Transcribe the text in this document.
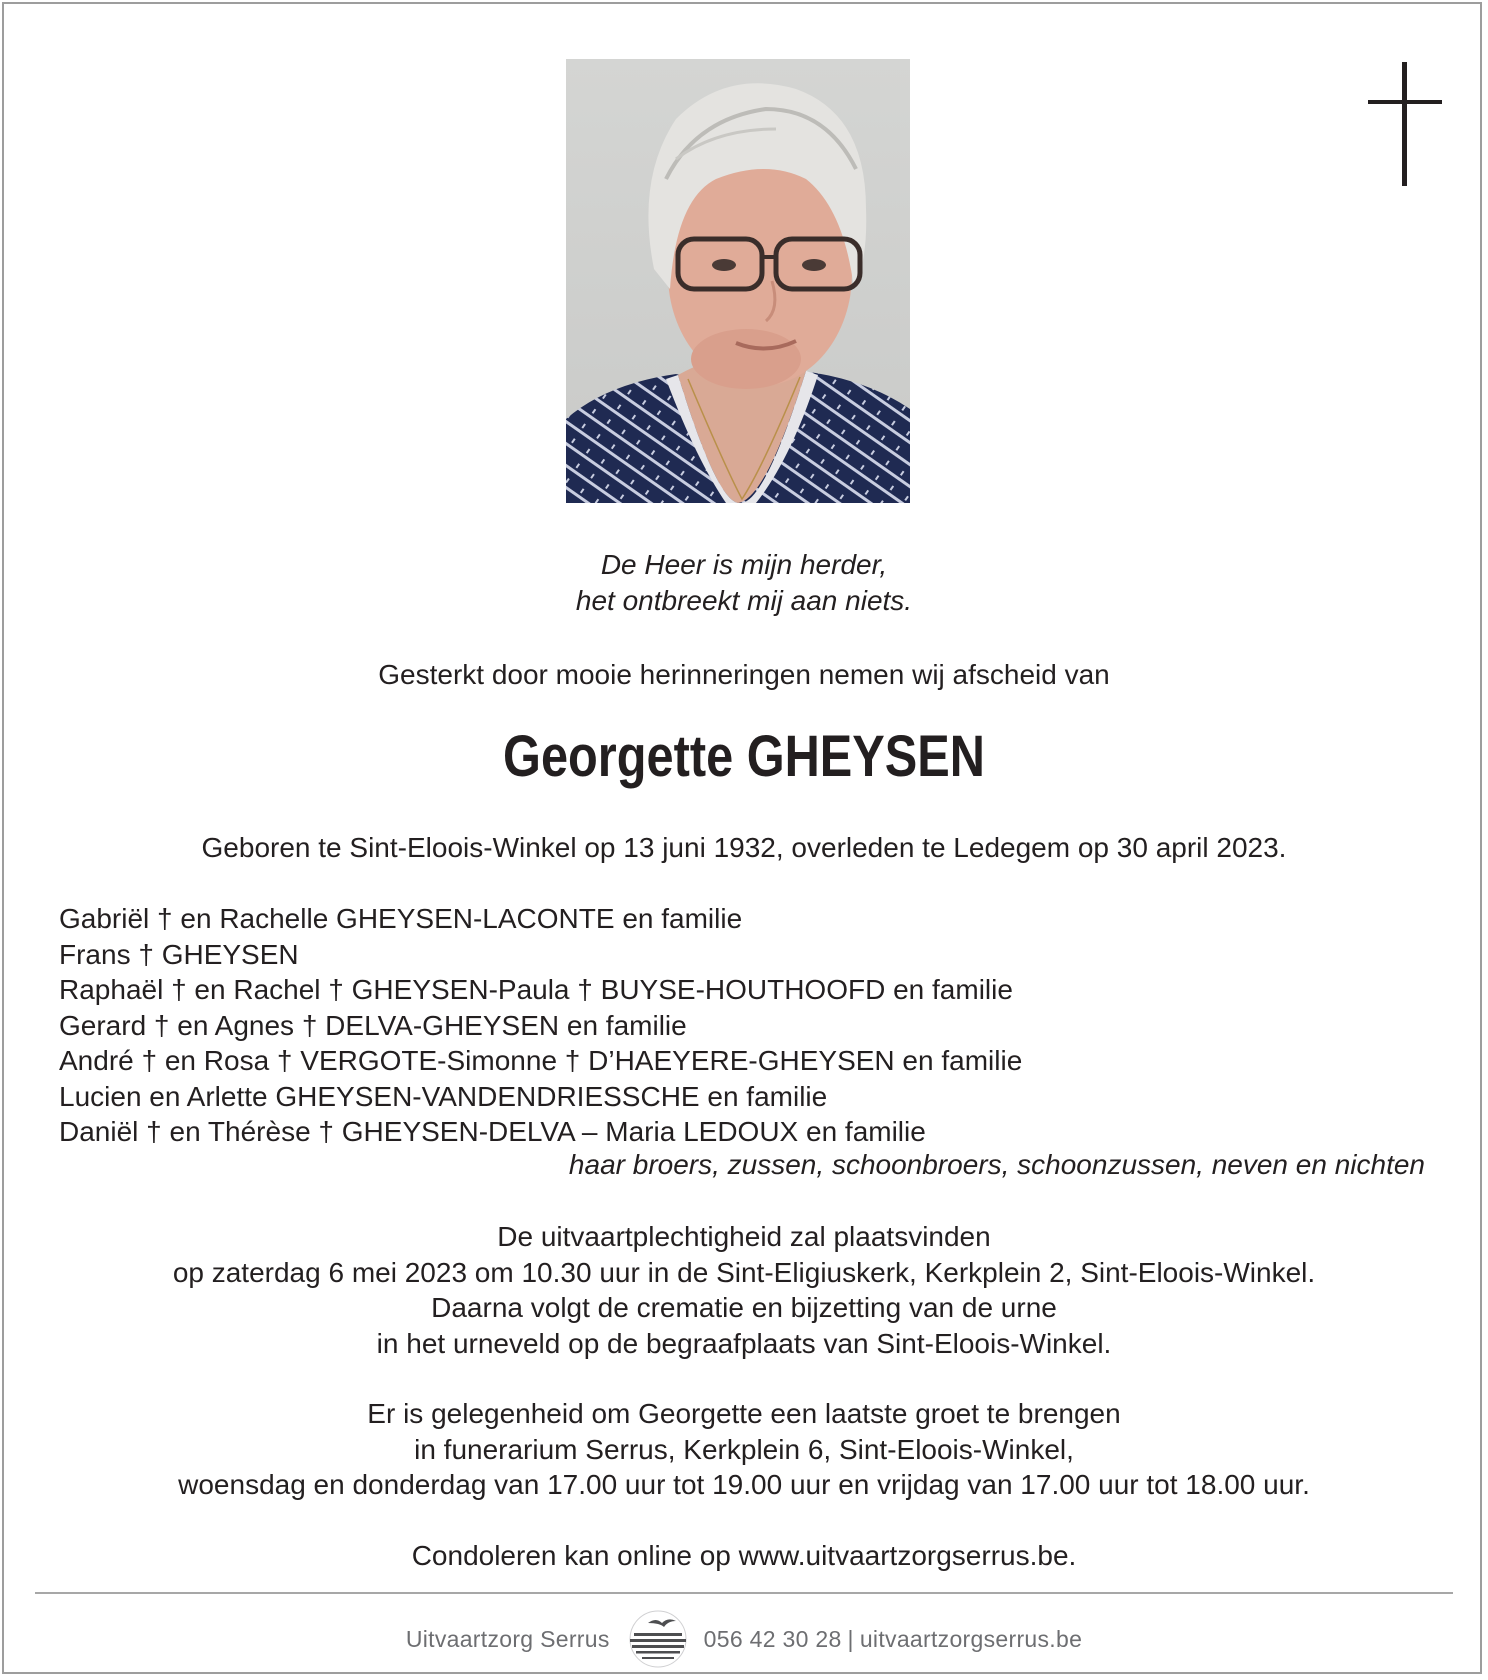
De Heer is mijn herder,
het ontbreekt mij aan niets.
Gesterkt door mooie herinneringen nemen wij afscheid van
Georgette GHEYSEN
Geboren te Sint-Eloois-Winkel op 13 juni 1932, overleden te Ledegem op 30 april 2023.
Gabriël † en Rachelle GHEYSEN-LACONTE en familie
Frans † GHEYSEN
Raphaël † en Rachel † GHEYSEN-Paula † BUYSE-HOUTHOOFD en familie
Gerard † en Agnes † DELVA-GHEYSEN en familie
André † en Rosa † VERGOTE-Simonne † D’HAEYERE-GHEYSEN en familie
Lucien en Arlette GHEYSEN-VANDENDRIESSCHE en familie
Daniël † en Thérèse † GHEYSEN-DELVA – Maria LEDOUX en familie
haar broers, zussen, schoonbroers, schoonzussen, neven en nichten
De uitvaartplechtigheid zal plaatsvinden
op zaterdag 6 mei 2023 om 10.30 uur in de Sint-Eligiuskerk, Kerkplein 2, Sint-Eloois-Winkel.
Daarna volgt de crematie en bijzetting van de urne
in het urneveld op de begraafplaats van Sint-Eloois-Winkel.
Er is gelegenheid om Georgette een laatste groet te brengen
in funerarium Serrus, Kerkplein 6, Sint-Eloois-Winkel,
woensdag en donderdag van 17.00 uur tot 19.00 uur en vrijdag van 17.00 uur tot 18.00 uur.
Condoleren kan online op www.uitvaartzorgserrus.be.
Uitvaartzorg Serrus	056 42 30 28 | uitvaartzorgserrus.be
